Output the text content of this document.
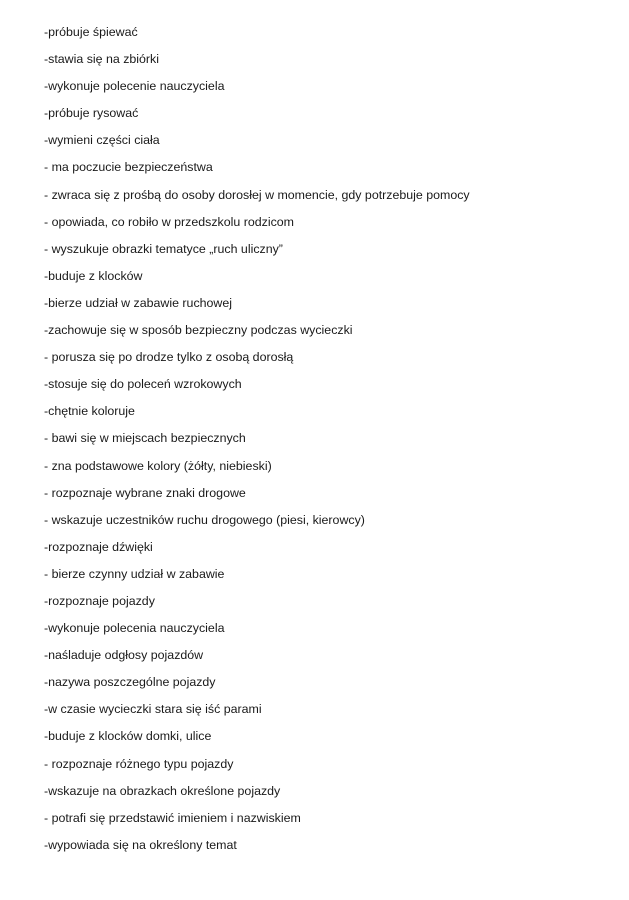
-próbuje śpiewać
-stawia się na zbiórki
-wykonuje polecenie nauczyciela
-próbuje rysować
-wymieni części ciała
- ma poczucie bezpieczeństwa
- zwraca się z prośbą do osoby dorosłej w momencie, gdy potrzebuje pomocy
- opowiada, co robiło w przedszkolu rodzicom
- wyszukuje obrazki tematyce „ruch uliczny”
-buduje z klocków
-bierze udział w zabawie ruchowej
-zachowuje się w sposób bezpieczny podczas wycieczki
- porusza się po drodze tylko z osobą dorosłą
-stosuje się do poleceń wzrokowych
-chętnie koloruje
- bawi się w miejscach bezpiecznych
- zna podstawowe kolory (żółty, niebieski)
- rozpoznaje wybrane znaki drogowe
- wskazuje uczestników ruchu drogowego (piesi, kierowcy)
-rozpoznaje dźwięki
- bierze czynny udział w zabawie
-rozpoznaje pojazdy
-wykonuje polecenia nauczyciela
-naśladuje odgłosy pojazdów
-nazywa poszczególne pojazdy
-w czasie wycieczki stara się iść parami
-buduje z klocków domki, ulice
- rozpoznaje różnego typu pojazdy
-wskazuje na obrazkach określone pojazdy
- potrafi się przedstawić imieniem i nazwiskiem
-wypowiada się na określony temat
